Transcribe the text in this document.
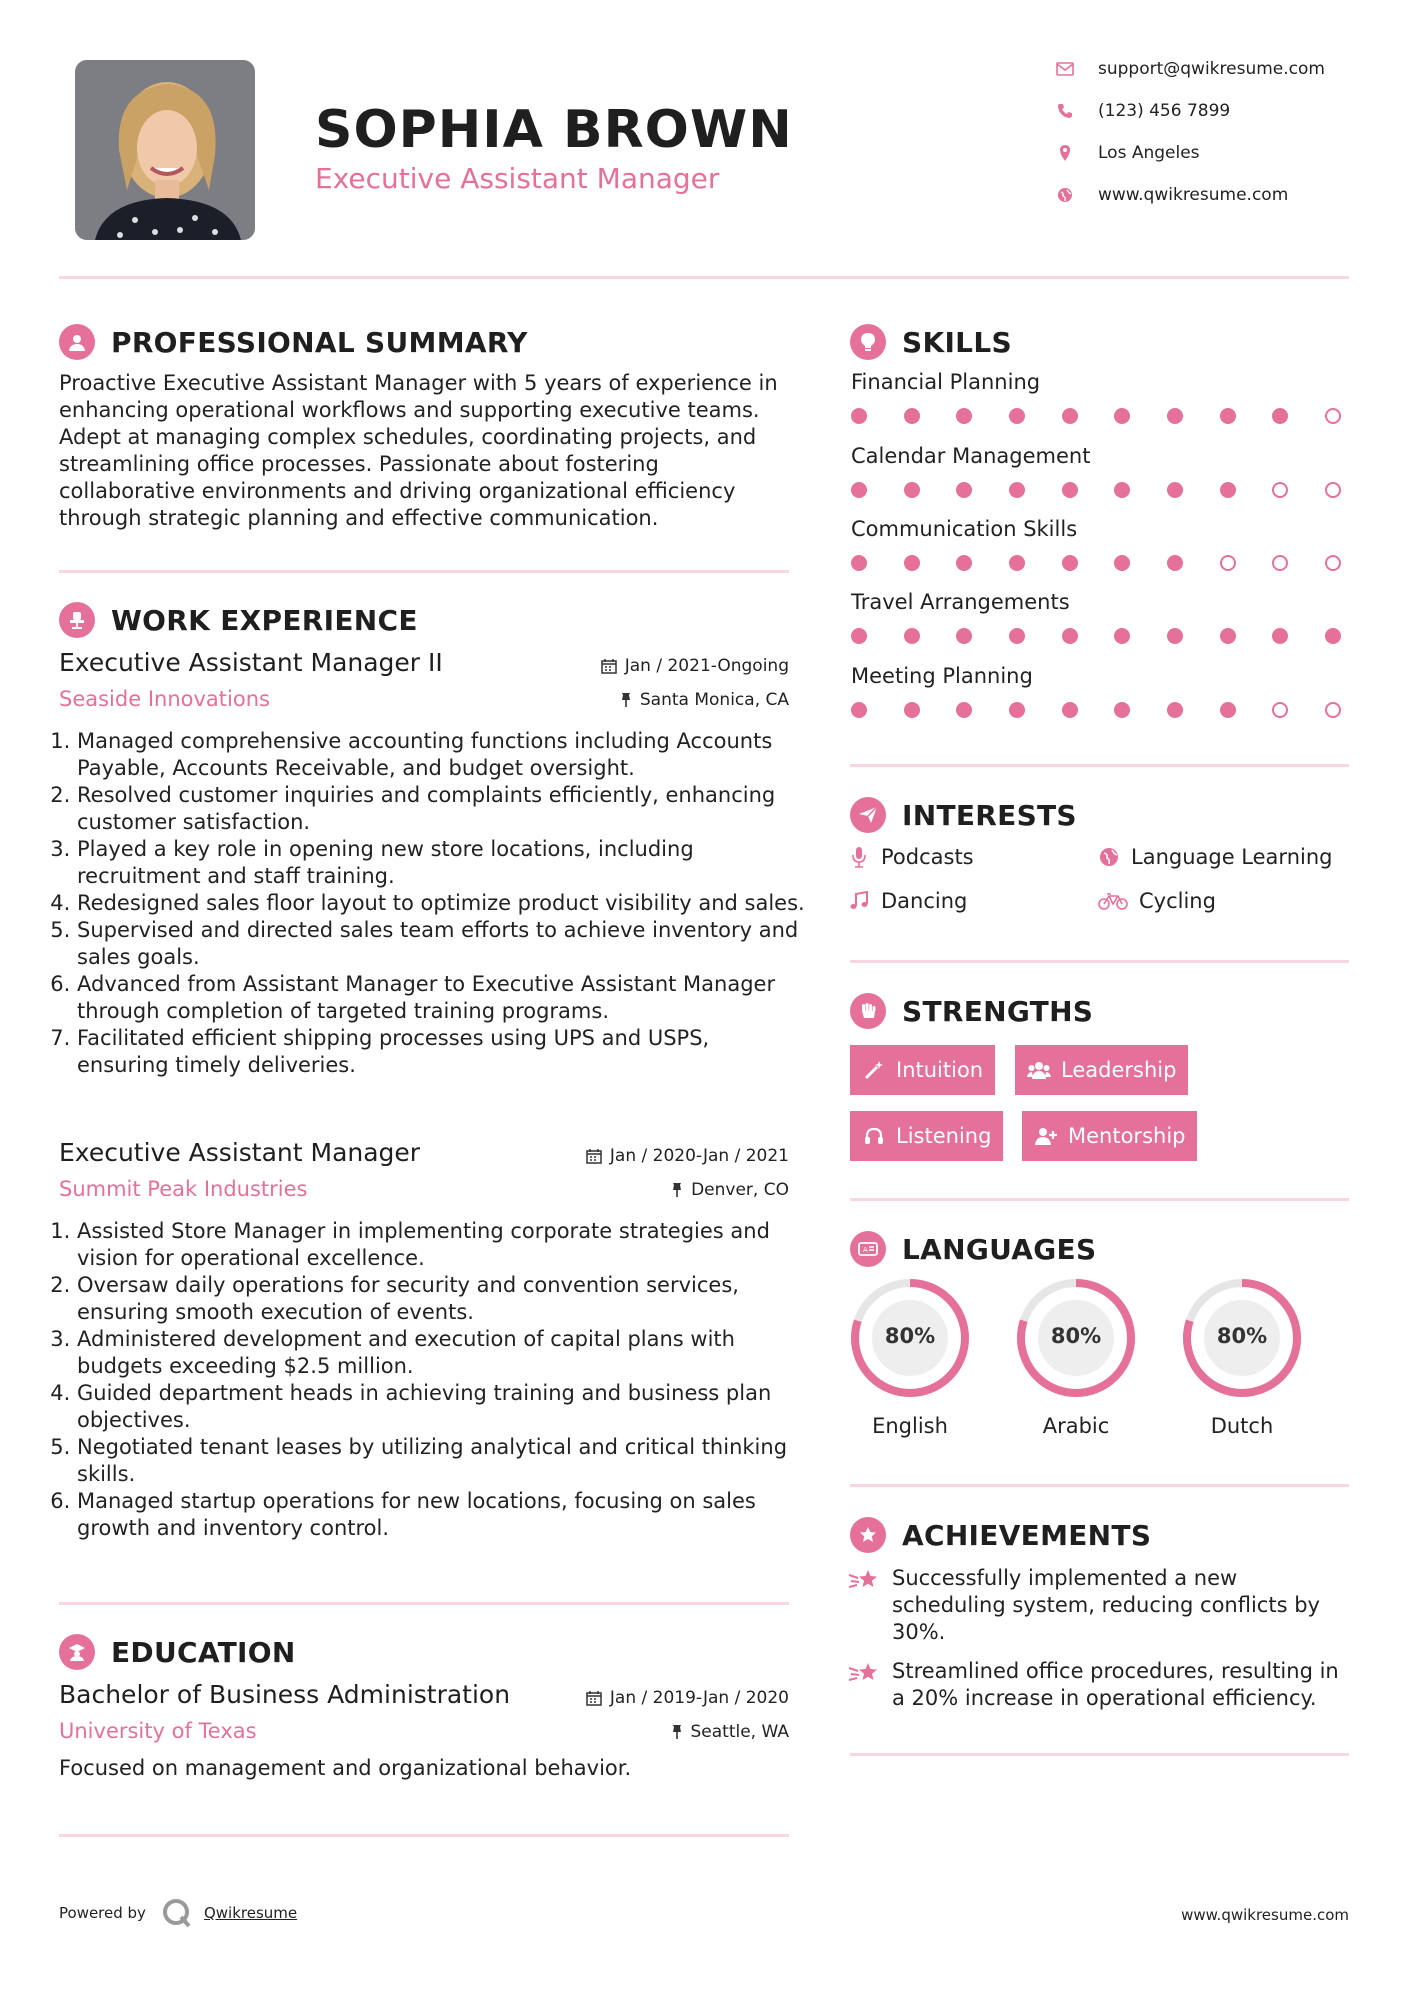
SOPHIA BROWN
Executive Assistant Manager
support@qwikresume.com
(123) 456 7899
Los Angeles
www.qwikresume.com
PROFESSIONAL SUMMARY
Proactive Executive Assistant Manager with 5 years of experience in enhancing operational workflows and supporting executive teams. Adept at managing complex schedules, coordinating projects, and streamlining office processes. Passionate about fostering collaborative environments and driving organizational efficiency through strategic planning and effective communication.
WORK EXPERIENCE
Executive Assistant Manager II
Seaside Innovations
Jan / 2021-Ongoing
Santa Monica, CA
1. Managed comprehensive accounting functions including Accounts Payable, Accounts Receivable, and budget oversight.
2. Resolved customer inquiries and complaints efficiently, enhancing customer satisfaction.
3. Played a key role in opening new store locations, including recruitment and staff training.
4. Redesigned sales floor layout to optimize product visibility and sales.
5. Supervised and directed sales team efforts to achieve inventory and sales goals.
6. Advanced from Assistant Manager to Executive Assistant Manager through completion of targeted training programs.
7. Facilitated efficient shipping processes using UPS and USPS, ensuring timely deliveries.
Executive Assistant Manager
Summit Peak Industries
Jan / 2020-Jan / 2021
Denver, CO
1. Assisted Store Manager in implementing corporate strategies and vision for operational excellence.
2. Oversaw daily operations for security and convention services, ensuring smooth execution of events.
3. Administered development and execution of capital plans with budgets exceeding $2.5 million.
4. Guided department heads in achieving training and business plan objectives.
5. Negotiated tenant leases by utilizing analytical and critical thinking skills.
6. Managed startup operations for new locations, focusing on sales growth and inventory control.
EDUCATION
Bachelor of Business Administration
University of Texas
Jan / 2019-Jan / 2020
Seattle, WA
Focused on management and organizational behavior.
SKILLS
Financial Planning
Calendar Management
Communication Skills
Travel Arrangements
Meeting Planning
INTERESTS
Podcasts	Language Learning
Dancing	Cycling
STRENGTHS
Intuition	Leadership
Listening	Mentorship
A LANGUAGES
80%
English
80%
Arabic
80%
Dutch
ACHIEVEMENTS
Successfully implemented a new scheduling system, reducing conflicts by 30%.
Streamlined office procedures, resulting in a 20% increase in operational efficiency.
Powered by	Qwikresume	www.qwikresume.com
